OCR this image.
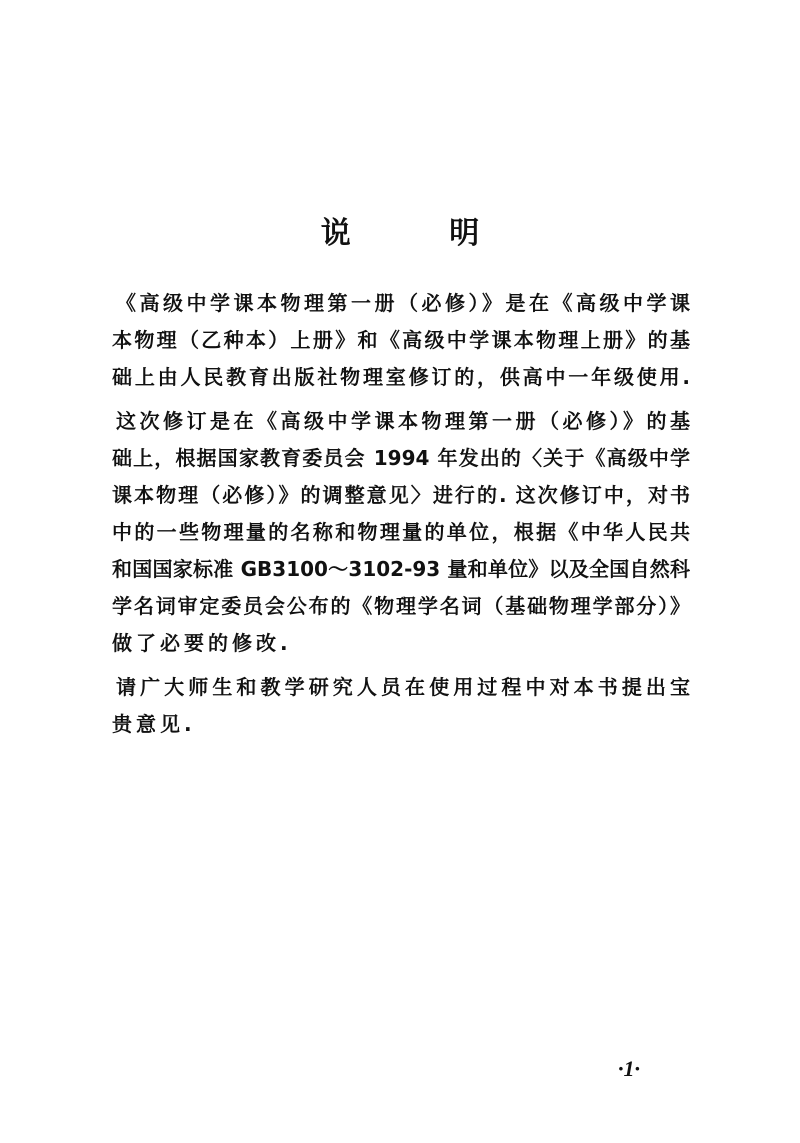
说 明
《高级中学课本物理第一册（必修）》是在《高级中学课
本物理（乙种本）上册》和《高级中学课本物理上册》的基
础上由人民教育出版社物理室修订的，供高中一年级使用.
这次修订是在《高级中学课本物理第一册（必修）》的基
础上，根据国家教育委员会 1994 年发出的〈关于《高级中学
课本物理（必修）》的调整意见〉进行的. 这次修订中，对书
中的一些物理量的名称和物理量的单位，根据《中华人民共
和国国家标准 GB3100～3102-93 量和单位》以及全国自然科
学名词审定委员会公布的《物理学名词（基础物理学部分）》
做了必要的修改.
请广大师生和教学研究人员在使用过程中对本书提出宝
贵意见.
·1·
